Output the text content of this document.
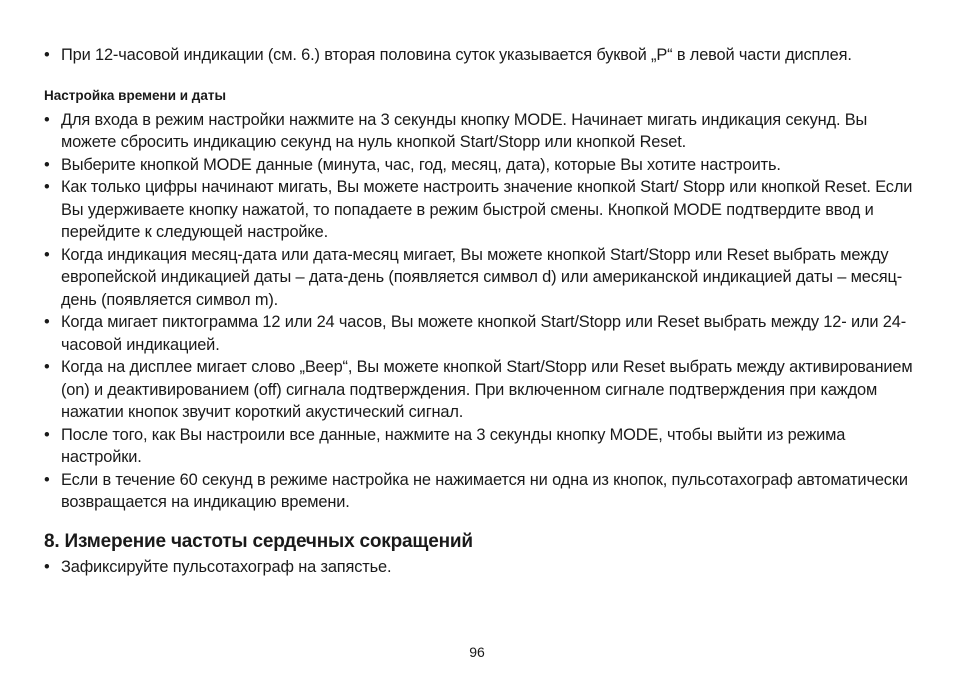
• При 12-часовой индикации (см. 6.) вторая половина суток указывается буквой „P“ в левой части дисплея.
Настройка времени и даты
• Для входа в режим настройки нажмите на 3 секунды кнопку MODE. Начинает мигать индикация секунд. Вы можете сбросить индикацию секунд на нуль кнопкой Start/Stopp или кнопкой Reset.
• Выберите кнопкой MODE данные (минута, час, год, месяц, дата), которые Вы хотите настроить.
• Как только цифры начинают мигать, Вы можете настроить значение кнопкой Start/ Stopp или кнопкой Reset. Если Вы удерживаете кнопку нажатой, то попадаете в режим быстрой смены. Кнопкой MODE подтвердите ввод и перейдите к следующей настройке.
• Когда индикация месяц-дата или дата-месяц мигает, Вы можете кнопкой Start/Stopp или Reset выбрать между европейской индикацией даты – дата-день (появляется символ d) или американской индикацией даты – месяц-день (появляется символ m).
• Когда мигает пиктограмма 12 или 24 часов, Вы можете кнопкой Start/Stopp или Reset выбрать между 12- или 24-часовой индикацией.
• Когда на дисплее мигает слово „Beep“, Вы можете кнопкой Start/Stopp или Reset выбрать между активированием (on) и деактивированием (off) сигнала подтверждения. При включенном сигнале подтверждения при каждом нажатии кнопок звучит короткий акустический сигнал.
• После того, как Вы настроили все данные, нажмите на 3 секунды кнопку MODE, чтобы выйти из режима настройки.
• Если в течение 60 секунд в режиме настройка не нажимается ни одна из кнопок, пульсотахограф автоматически возвращается на индикацию времени.
8. Измерение частоты сердечных сокращений
• Зафиксируйте пульсотахограф на запястье.
96
